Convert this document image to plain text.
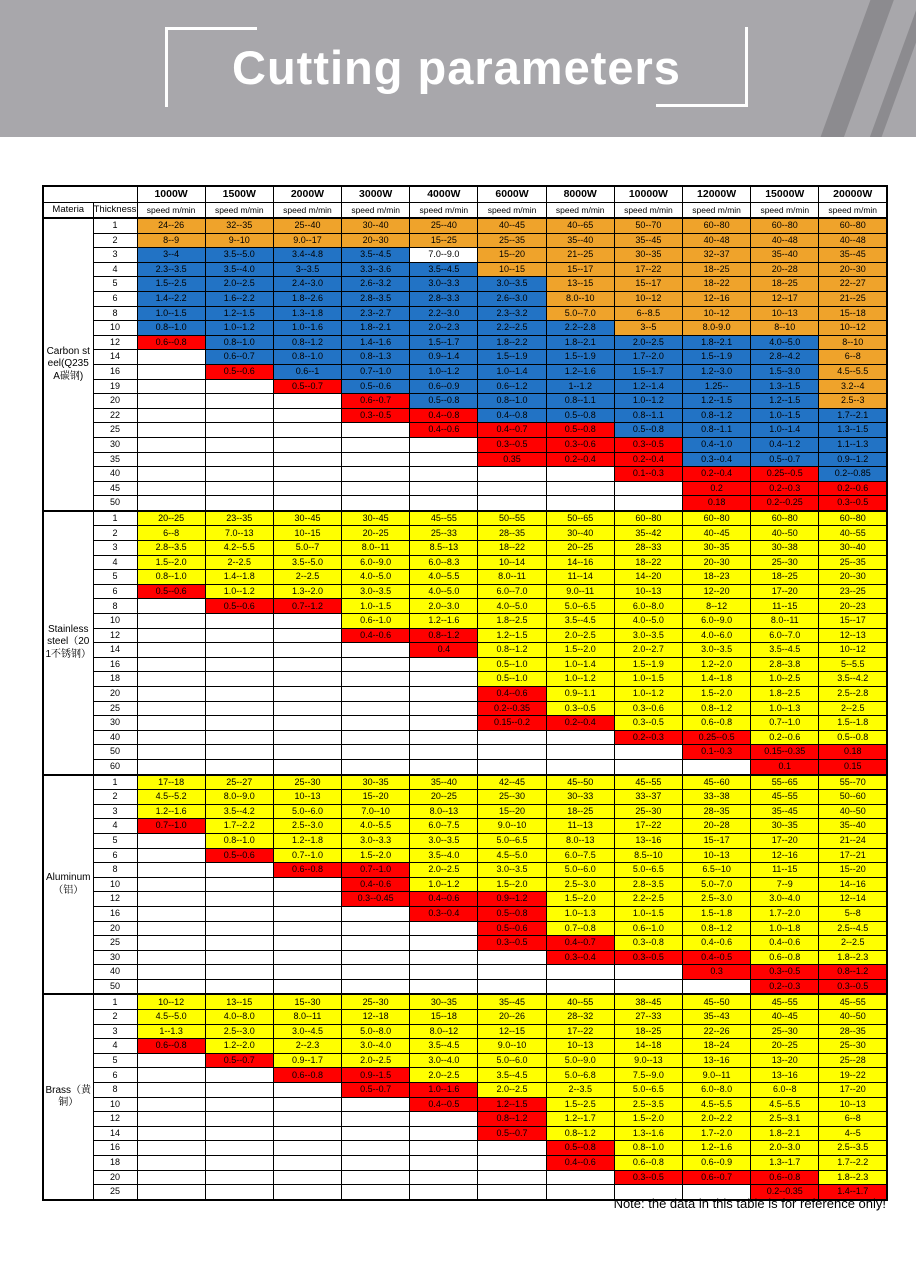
Cutting parameters
		1000W	1500W	2000W	3000W	4000W	6000W	8000W	10000W	12000W	15000W	20000W
Materia	Thickness	speed m/min	speed m/min	speed m/min	speed m/min	speed m/min	speed m/min	speed m/min	speed m/min	speed m/min	speed m/min	speed m/min
Carbon steel(Q235A碳钢)	1	24--26	32--35	25--40	30--40	25--40	40--45	40--65	50--70	60--80	60--80	60--80
	2	8--9	9--10	9.0--17	20--30	15--25	25--35	35--40	35--45	40--48	40--48	40--48
	3	3--4	3.5--5.0	3.4--4.8	3.5--4.5	7.0--9.0	15--20	21--25	30--35	32--37	35--40	35--45
	4	2.3--3.5	3.5--4.0	3--3.5	3.3--3.6	3.5--4.5	10--15	15--17	17--22	18--25	20--28	20--30
	5	1.5--2.5	2.0--2.5	2.4--3.0	2.6--3.2	3.0--3.3	3.0--3.5	13--15	15--17	18--22	18--25	22--27
	6	1.4--2.2	1.6--2.2	1.8--2.6	2.8--3.5	2.8--3.3	2.6--3.0	8.0--10	10--12	12--16	12--17	21--25
	8	1.0--1.5	1.2--1.5	1.3--1.8	2.3--2.7	2.2--3.0	2.3--3.2	5.0--7.0	6--8.5	10--12	10--13	15--18
	10	0.8--1.0	1.0--1.2	1.0--1.6	1.8--2.1	2.0--2.3	2.2--2.5	2.2--2.8	3--5	8.0-9.0	8--10	10--12
	12	0.6--0.8	0.8--1.0	0.8--1.2	1.4--1.6	1.5--1.7	1.8--2.2	1.8--2.1	2.0--2.5	1.8--2.1	4.0--5.0	8--10
	14		0.6--0.7	0.8--1.0	0.8--1.3	0.9--1.4	1.5--1.9	1.5--1.9	1.7--2.0	1.5--1.9	2.8--4.2	6--8
	16		0.5--0.6	0.6--1	0.7--1.0	1.0--1.2	1.0--1.4	1.2--1.6	1.5--1.7	1.2--3.0	1.5--3.0	4.5--5.5
	19			0.5--0.7	0.5--0.6	0.6--0.9	0.6--1.2	1--1.2	1.2--1.4	1.25--	1.3--1.5	3.2--4
	20				0.6--0.7	0.5--0.8	0.8--1.0	0.8--1.1	1.0--1.2	1.2--1.5	1.2--1.5	2.5--3
	22				0.3--0.5	0.4--0.8	0.4--0.8	0.5--0.8	0.8--1.1	0.8--1.2	1.0--1.5	1.7--2.1
	25					0.4--0.6	0.4--0.7	0.5--0.8	0.5--0.8	0.8--1.1	1.0--1.4	1.3--1.5
	30						0.3--0.5	0.3--0.6	0.3--0.5	0.4--1.0	0.4--1.2	1.1--1.3
	35						0.35	0.2--0.4	0.2--0.4	0.3--0.4	0.5--0.7	0.9--1.2
	40								0.1--0.3	0.2--0.4	0.25--0.5	0.2--0.85
	45									0.2	0.2--0.3	0.2--0.6
	50									0.18	0.2--0.25	0.3--0.5
Stainless steel（201不锈钢）	1	20--25	23--35	30--45	30--45	45--55	50--55	50--65	60--80	60--80	60--80	60--80
	2	6--8	7.0--13	10--15	20--25	25--33	28--35	30--40	35--42	40--45	40--50	40--55
	3	2.8--3.5	4.2--5.5	5.0--7	8.0--11	8.5--13	18--22	20--25	28--33	30--35	30--38	30--40
	4	1.5--2.0	2--2.5	3.5--5.0	6.0--9.0	6.0--8.3	10--14	14--16	18--22	20--30	25--30	25--35
	5	0.8--1.0	1.4--1.8	2--2.5	4.0--5.0	4.0--5.5	8.0--11	11--14	14--20	18--23	18--25	20--30
	6	0.5--0.6	1.0--1.2	1.3--2.0	3.0--3.5	4.0--5.0	6.0--7.0	9.0--11	10--13	12--20	17--20	23--25
	8		0.5--0.6	0.7--1.2	1.0--1.5	2.0--3.0	4.0--5.0	5.0--6.5	6.0--8.0	8--12	11--15	20--23
	10				0.6--1.0	1.2--1.6	1.8--2.5	3.5--4.5	4.0--5.0	6.0--9.0	8.0--11	15--17
	12				0.4--0.6	0.8--1.2	1.2--1.5	2.0--2.5	3.0--3.5	4.0--6.0	6.0--7.0	12--13
	14					0.4	0.8--1.2	1.5--2.0	2.0--2.7	3.0--3.5	3.5--4.5	10--12
	16						0.5--1.0	1.0--1.4	1.5--1.9	1.2--2.0	2.8--3.8	5--5.5
	18						0.5--1.0	1.0--1.2	1.0--1.5	1.4--1.8	1.0--2.5	3.5--4.2
	20						0.4--0.6	0.9--1.1	1.0--1.2	1.5--2.0	1.8--2.5	2.5--2.8
	25						0.2--0.35	0.3--0.5	0.3--0.6	0.8--1.2	1.0--1.3	2--2.5
	30						0.15--0.2	0.2--0.4	0.3--0.5	0.6--0.8	0.7--1.0	1.5--1.8
	40								0.2--0.3	0.25--0.5	0.2--0.6	0.5--0.8
	50									0.1--0.3	0.15--0.35	0.18
	60										0.1	0.15
Aluminum（铝）	1	17--18	25--27	25--30	30--35	35--40	42--45	45--50	45--55	45--60	55--65	55--70
	2	4.5--5.2	8.0--9.0	10--13	15--20	20--25	25--30	30--33	33--37	33--38	45--55	50--60
	3	1.2--1.6	3.5--4.2	5.0--6.0	7.0--10	8.0--13	15--20	18--25	25--30	28--35	35--45	40--50
	4	0.7--1.0	1.7--2.2	2.5--3.0	4.0--5.5	6.0--7.5	9.0--10	11--13	17--22	20--28	30--35	35--40
	5		0.8--1.0	1.2--1.8	3.0--3.3	3.0--3.5	5.0--6.5	8.0--13	13--16	15--17	17--20	21--24
	6		0.5--0.6	0.7--1.0	1.5--2.0	3.5--4.0	4.5--5.0	6.0--7.5	8.5--10	10--13	12--16	17--21
	8			0.6--0.8	0.7--1.0	2.0--2.5	3.0--3.5	5.0--6.0	5.0--6.5	6.5--10	11--15	15--20
	10				0.4--0.6	1.0--1.2	1.5--2.0	2.5--3.0	2.8--3.5	5.0--7.0	7--9	14--16
	12				0.3--0.45	0.4--0.6	0.9--1.2	1.5--2.0	2.2--2.5	2.5--3.0	3.0--4.0	12--14
	16					0.3--0.4	0.5--0.8	1.0--1.3	1.0--1.5	1.5--1.8	1.7--2.0	5--8
	20						0.5--0.6	0.7--0.8	0.6--1.0	0.8--1.2	1.0--1.8	2.5--4.5
	25						0.3--0.5	0.4--0.7	0.3--0.8	0.4--0.6	0.4--0.6	2--2.5
	30							0.3--0.4	0.3--0.5	0.4--0.5	0.6--0.8	1.8--2.3
	40									0.3	0.3--0.5	0.8--1.2
	50										0.2--0.3	0.3--0.5
Brass（黄铜）	1	10--12	13--15	15--30	25--30	30--35	35--45	40--55	38--45	45--50	45--55	45--55
	2	4.5--5.0	4.0--8.0	8.0--11	12--18	15--18	20--26	28--32	27--33	35--43	40--45	40--50
	3	1--1.3	2.5--3.0	3.0--4.5	5.0--8.0	8.0--12	12--15	17--22	18--25	22--26	25--30	28--35
	4	0.6--0.8	1.2--2.0	2--2.3	3.0--4.0	3.5--4.5	9.0--10	10--13	14--18	18--24	20--25	25--30
	5		0.5--0.7	0.9--1.7	2.0--2.5	3.0--4.0	5.0--6.0	5.0--9.0	9.0--13	13--16	13--20	25--28
	6			0.6--0.8	0.9--1.5	2.0--2.5	3.5--4.5	5.0--6.8	7.5--9.0	9.0--11	13--16	19--22
	8				0.5--0.7	1.0--1.6	2.0--2.5	2--3.5	5.0--6.5	6.0--8.0	6.0--8	17--20
	10					0.4--0.5	1.2--1.5	1.5--2.5	2.5--3.5	4.5--5.5	4.5--5.5	10--13
	12						0.8--1.2	1.2--1.7	1.5--2.0	2.0--2.2	2.5--3.1	6--8
	14						0.5--0.7	0.8--1.2	1.3--1.6	1.7--2.0	1.8--2.1	4--5
	16							0.5--0.8	0.8--1.0	1.2--1.6	2.0--3.0	2.5--3.5
	18							0.4--0.6	0.6--0.8	0.6--0.9	1.3--1.7	1.7--2.2
	20								0.3--0.5	0.6--0.7	0.6--0.8	1.8--2.3
	25										0.2--0.35	1.4--1.7
Note: the data in this table is for reference only!
